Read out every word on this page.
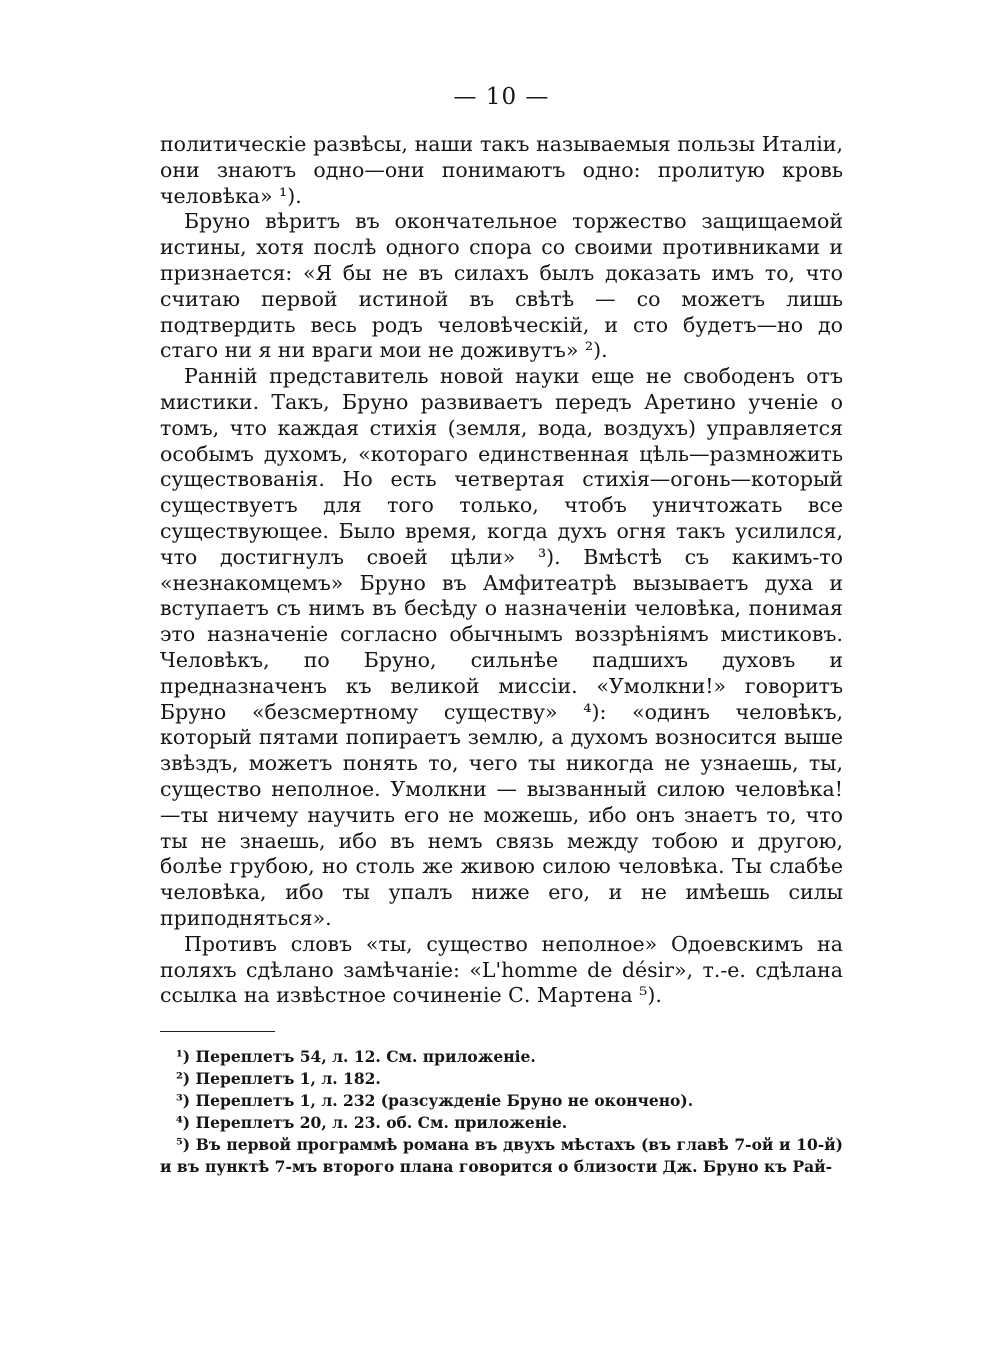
— 10 —

политическіе развѣсы, наши такъ называемыя пользы Италіи, они знаютъ одно—они понимаютъ одно: пролитую кровь человѣка» ¹).

Бруно вѣритъ въ окончательное торжество защищаемой истины, хотя послѣ одного спора со своими противниками и признается: «Я бы не въ силахъ былъ доказать имъ то, что считаю первой истиной въ свѣтѣ — со можетъ лишь подтвердить весь родъ человѣческій, и сто будетъ—но до стаго ни я ни враги мои не доживутъ» ²).

Ранній представитель новой науки еще не свободенъ отъ мистики. Такъ, Бруно развиваетъ передъ Аретино ученіе о томъ, что каждая стихія (земля, вода, воздухъ) управляется особымъ духомъ, «котораго единственная цѣль—размножить существованія. Но есть четвертая стихія—огонь—который существуетъ для того только, чтобъ уничтожать все существующее. Было время, когда духъ огня такъ усилился, что достигнулъ своей цѣли» ³). Вмѣстѣ съ какимъ-то «незнакомцемъ» Бруно въ Амфитеатрѣ вызываетъ духа и вступаетъ съ нимъ въ бесѣду о назначеніи человѣка, понимая это назначеніе согласно обычнымъ воззрѣніямъ мистиковъ. Человѣкъ, по Бруно, сильнѣе падшихъ духовъ и предназначенъ къ великой миссіи. «Умолкни!» говоритъ Бруно «безсмертному существу» ⁴): «одинъ человѣкъ, который пятами попираетъ землю, а духомъ возносится выше звѣздъ, можетъ понять то, чего ты никогда не узнаешь, ты, существо неполное. Умолкни — вызванный силою человѣка!—ты ничему научить его не можешь, ибо онъ знаетъ то, что ты не знаешь, ибо въ немъ связь между тобою и другою, болѣе грубою, но столь же живою силою человѣка. Ты слабѣе человѣка, ибо ты упалъ ниже его, и не имѣешь силы приподняться».

Противъ словъ «ты, существо неполное» Одоевскимъ на поляхъ сдѣлано замѣчаніе: «L'homme de désir», т.-е. сдѣлана ссылка на извѣстное сочиненіе С. Мартена ⁵).

¹) Переплетъ 54, л. 12. См. приложеніе.

²) Переплетъ 1, л. 182.

³) Переплетъ 1, л. 232 (разсужденіе Бруно не окончено).

⁴) Переплетъ 20, л. 23. об. См. приложеніе.

⁵) Въ первой программѣ романа въ двухъ мѣстахъ (въ главѣ 7-ой и 10-й) и въ пунктѣ 7-мъ второго плана говорится о близости Дж. Бруно къ Рай-
